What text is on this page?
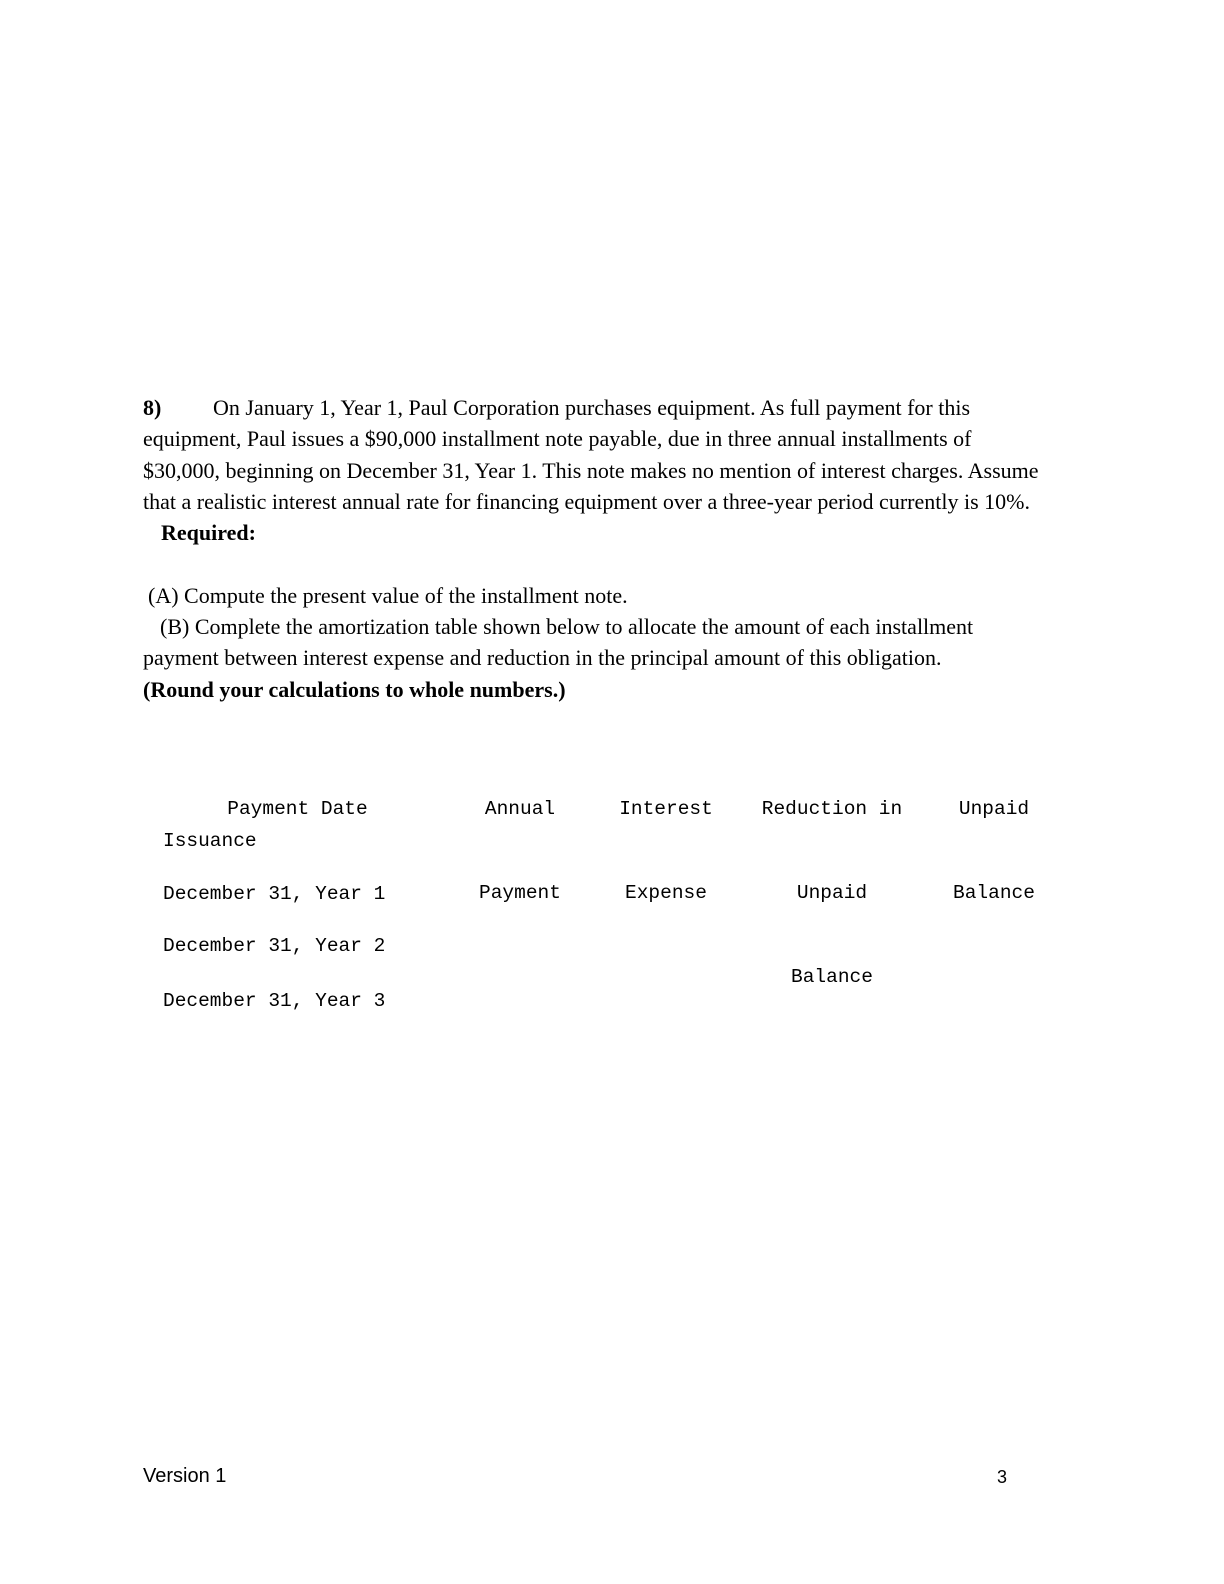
8) On January 1, Year 1, Paul Corporation purchases equipment. As full payment for this equipment, Paul issues a $90,000 installment note payable, due in three annual installments of $30,000, beginning on December 31, Year 1. This note makes no mention of interest charges. Assume that a realistic interest annual rate for financing equipment over a three-year period currently is 10%.

Required:

(A) Compute the present value of the installment note.

(B) Complete the amortization table shown below to allocate the amount of each installment payment between interest expense and reduction in the principal amount of this obligation.

(Round your calculations to whole numbers.)

Payment Date

	Annual

Payment

Interest

Expense

Reduction in

Unpaid

Balance

Unpaid

Balance

Issuance
December 31, Year 1
December 31, Year 2
December 31, Year 3
Version 1	3
